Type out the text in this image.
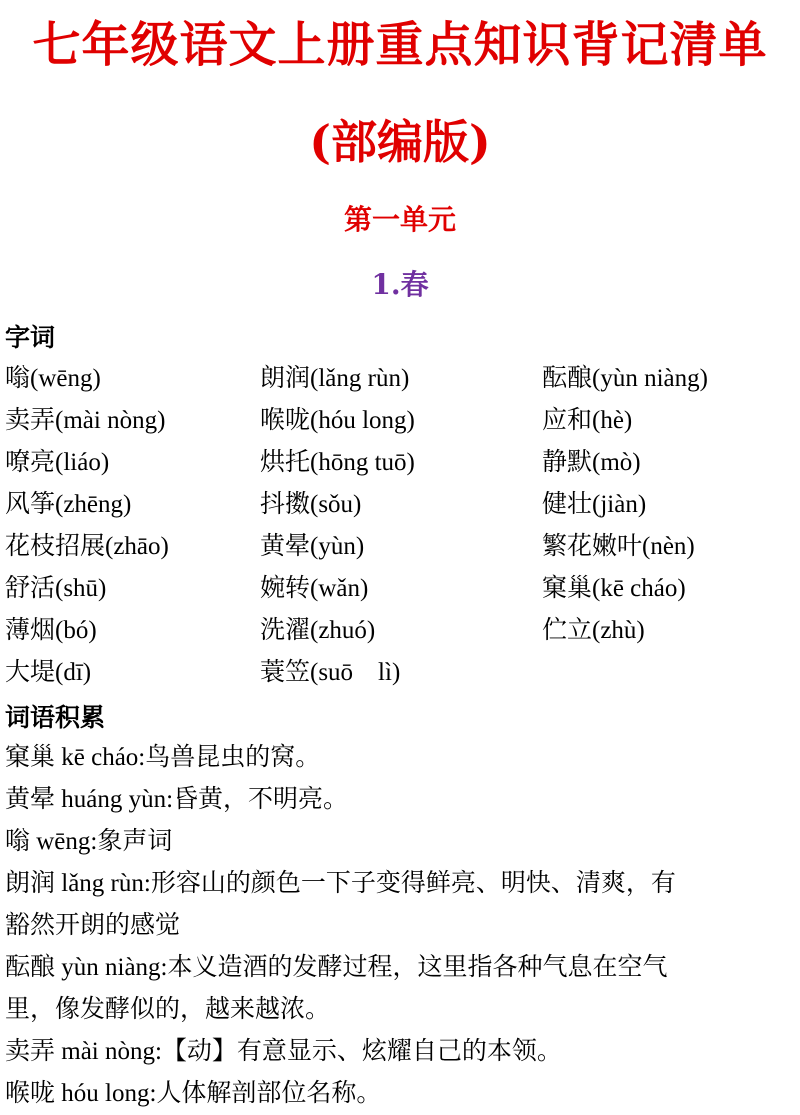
七年级语文上册重点知识背记清单
(部编版)
第一单元
1.春
字词
嗡(wēng)	朗润(lǎng rùn)	酝酿(yùn niàng)
卖弄(mài nòng)	喉咙(hóu long)	应和(hè)
嘹亮(liáo)	烘托(hōng tuō)	静默(mò)
风筝(zhēng)	抖擞(sǒu)	健壮(jiàn)
花枝招展(zhāo)	黄晕(yùn)	繁花嫩叶(nèn)
舒活(shū)	婉转(wǎn)	窠巢(kē cháo)
薄烟(bó)	洗濯(zhuó)	伫立(zhù)
大堤(dī)	蓑笠(suō　lì)
词语积累
窠巢 kē cháo:鸟兽昆虫的窝。
黄晕 huáng yùn:昏黄，不明亮。
嗡 wēng:象声词
朗润 lǎng rùn:形容山的颜色一下子变得鲜亮、明快、清爽，有
豁然开朗的感觉
酝酿 yùn niàng:本义造酒的发酵过程，这里指各种气息在空气
里，像发酵似的，越来越浓。
卖弄 mài nòng:【动】有意显示、炫耀自己的本领。
喉咙 hóu long:人体解剖部位名称。
